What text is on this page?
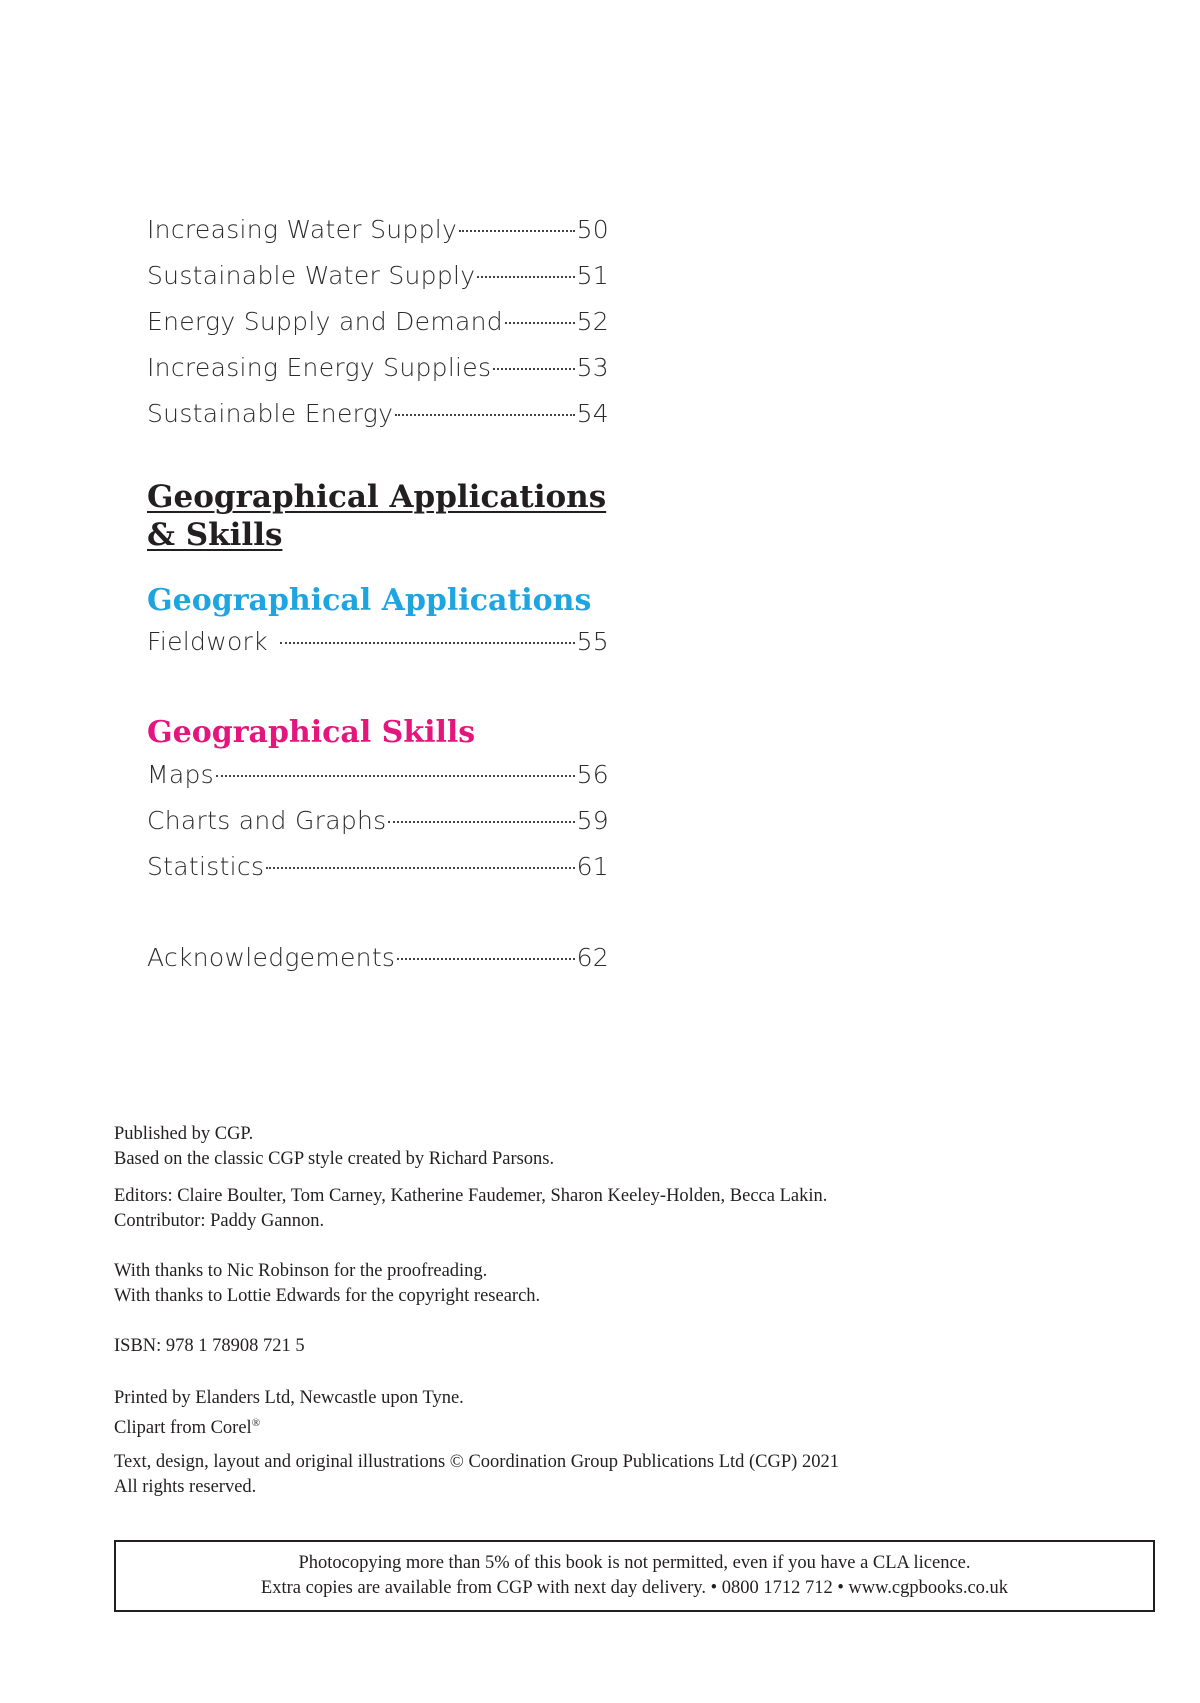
Increasing Water Supply	50
Sustainable Water Supply	51
Energy Supply and Demand	52
Increasing Energy Supplies	53
Sustainable Energy	54
Geographical Applications
& Skills
Geographical Applications
Fieldwork	55
Geographical Skills
Maps	56
Charts and Graphs	59
Statistics	61
Acknowledgements	62
Published by CGP.
Based on the classic CGP style created by Richard Parsons.
Editors: Claire Boulter, Tom Carney, Katherine Faudemer, Sharon Keeley-Holden, Becca Lakin.
Contributor: Paddy Gannon.
With thanks to Nic Robinson for the proofreading.
With thanks to Lottie Edwards for the copyright research.
ISBN: 978 1 78908 721 5
Printed by Elanders Ltd, Newcastle upon Tyne.
Clipart from Corel®
Text, design, layout and original illustrations © Coordination Group Publications Ltd (CGP) 2021
All rights reserved.
Photocopying more than 5% of this book is not permitted, even if you have a CLA licence.
Extra copies are available from CGP with next day delivery. • 0800 1712 712 • www.cgpbooks.co.uk
